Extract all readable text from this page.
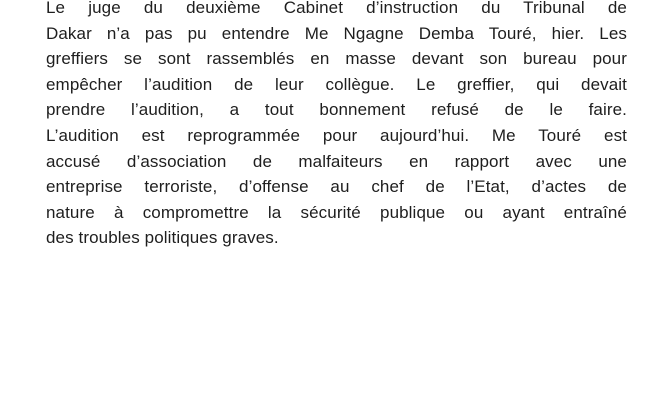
Le juge du deuxième Cabinet d’instruction du Tribunal de
Dakar n’a pas pu entendre Me Ngagne Demba Touré, hier. Les
greffiers se sont rassemblés en masse devant son bureau pour
empêcher l’audition de leur collègue. Le greffier, qui devait
prendre l’audition, a tout bonnement refusé de le faire.
L’audition est reprogrammée pour aujourd’hui. Me Touré est
accusé d’association de malfaiteurs en rapport avec une
entreprise terroriste, d’offense au chef de l’Etat, d’actes de
nature à compromettre la sécurité publique ou ayant entraîné
des troubles politiques graves.
